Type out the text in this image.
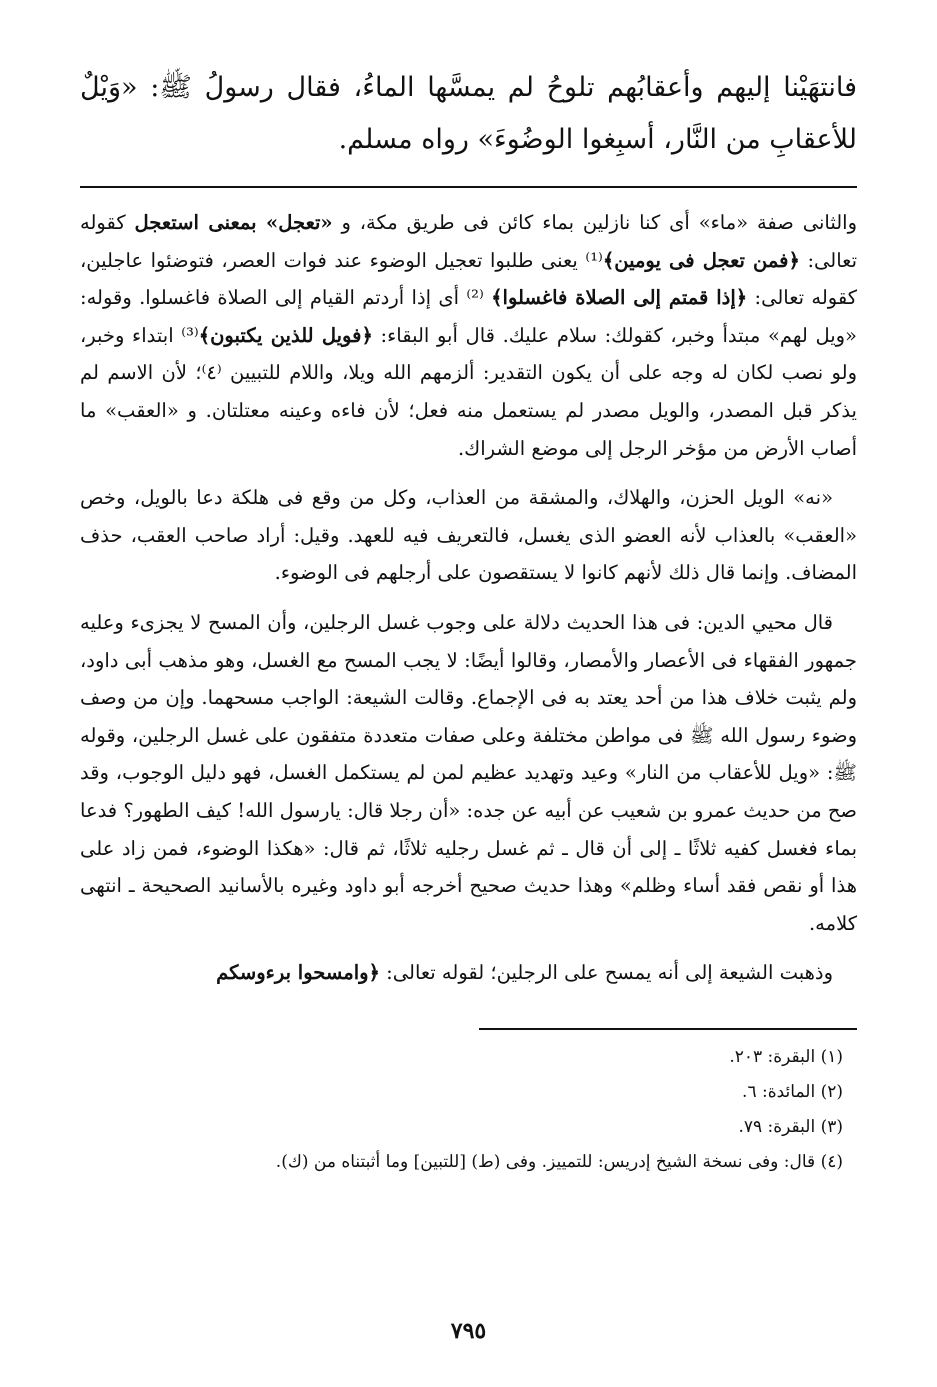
فانتهَيْنا إليهم وأعقابُهم تلوحُ لم يمسَّها الماءُ، فقال رسولُ ﷺ: «وَيْلٌ للأعقابِ من النَّار، أسبِغوا الوضُوءَ» رواه مسلم.

والثانى صفة «ماء» أى كنا نازلين بماء كائن فى طريق مكة، و «تعجل» بمعنى استعجل كقوله تعالى: ﴿فمن تعجل فى يومين﴾⁽¹⁾ يعنى طلبوا تعجيل الوضوء عند فوات العصر، فتوضئوا عاجلين، كقوله تعالى: ﴿إذا قمتم إلى الصلاة فاغسلوا﴾ ⁽²⁾ أى إذا أردتم القيام إلى الصلاة فاغسلوا. وقوله: «ويل لهم» مبتدأ وخبر، كقولك: سلام عليك. قال أبو البقاء: ﴿فويل للذين يكتبون﴾⁽³⁾ ابتداء وخبر، ولو نصب لكان له وجه على أن يكون التقدير: ألزمهم الله ويلا، واللام للتبيين ⁽٤⁾؛ لأن الاسم لم يذكر قبل المصدر، والويل مصدر لم يستعمل منه فعل؛ لأن فاءه وعينه معتلتان. و «العقب» ما أصاب الأرض من مؤخر الرجل إلى موضع الشراك.

«نه» الويل الحزن، والهلاك، والمشقة من العذاب، وكل من وقع فى هلكة دعا بالويل، وخص «العقب» بالعذاب لأنه العضو الذى يغسل، فالتعريف فيه للعهد. وقيل: أراد صاحب العقب، حذف المضاف. وإنما قال ذلك لأنهم كانوا لا يستقصون على أرجلهم فى الوضوء.

قال محيي الدين: فى هذا الحديث دلالة على وجوب غسل الرجلين، وأن المسح لا يجزىء وعليه جمهور الفقهاء فى الأعصار والأمصار، وقالوا أيضًا: لا يجب المسح مع الغسل، وهو مذهب أبى داود، ولم يثبت خلاف هذا من أحد يعتد به فى الإجماع. وقالت الشيعة: الواجب مسحهما. وإن من وصف وضوء رسول الله ﷺ فى مواطن مختلفة وعلى صفات متعددة متفقون على غسل الرجلين، وقوله ﷺ: «ويل للأعقاب من النار» وعيد وتهديد عظيم لمن لم يستكمل الغسل، فهو دليل الوجوب، وقد صح من حديث عمرو بن شعيب عن أبيه عن جده: «أن رجلا قال: يارسول الله! كيف الطهور؟ فدعا بماء فغسل كفيه ثلاثًا ـ إلى أن قال ـ ثم غسل رجليه ثلاثًا، ثم قال: «هكذا الوضوء، فمن زاد على هذا أو نقص فقد أساء وظلم» وهذا حديث صحيح أخرجه أبو داود وغيره بالأسانيد الصحيحة ـ انتهى كلامه.

وذهبت الشيعة إلى أنه يمسح على الرجلين؛ لقوله تعالى: ﴿وامسحوا برءوسكم

(١) البقرة: ٢٠٣.
(٢) المائدة: ٦.
(٣) البقرة: ٧٩.
(٤) قال: وفى نسخة الشيخ إدريس: للتمييز. وفى (ط) [للتبين] وما أثبتناه من (ك).
٧٩٥
